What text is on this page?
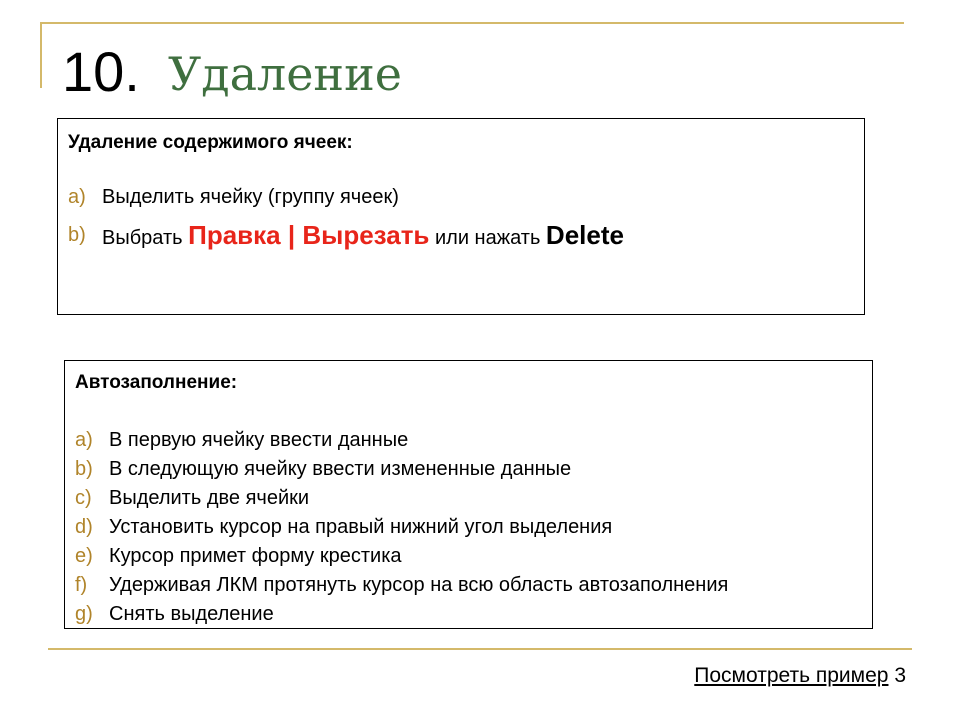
10. Удаление
Удаление содержимого ячеек:
a) Выделить ячейку (группу ячеек)
b) Выбрать Правка | Вырезать или нажать Delete
Автозаполнение:
a) В первую ячейку ввести данные
b) В следующую ячейку ввести измененные данные
c) Выделить две ячейки
d) Установить курсор на правый нижний угол выделения
e) Курсор примет форму крестика
f) Удерживая ЛКМ протянуть курсор на всю область автозаполнения
g) Снять выделение
Посмотреть пример 3
